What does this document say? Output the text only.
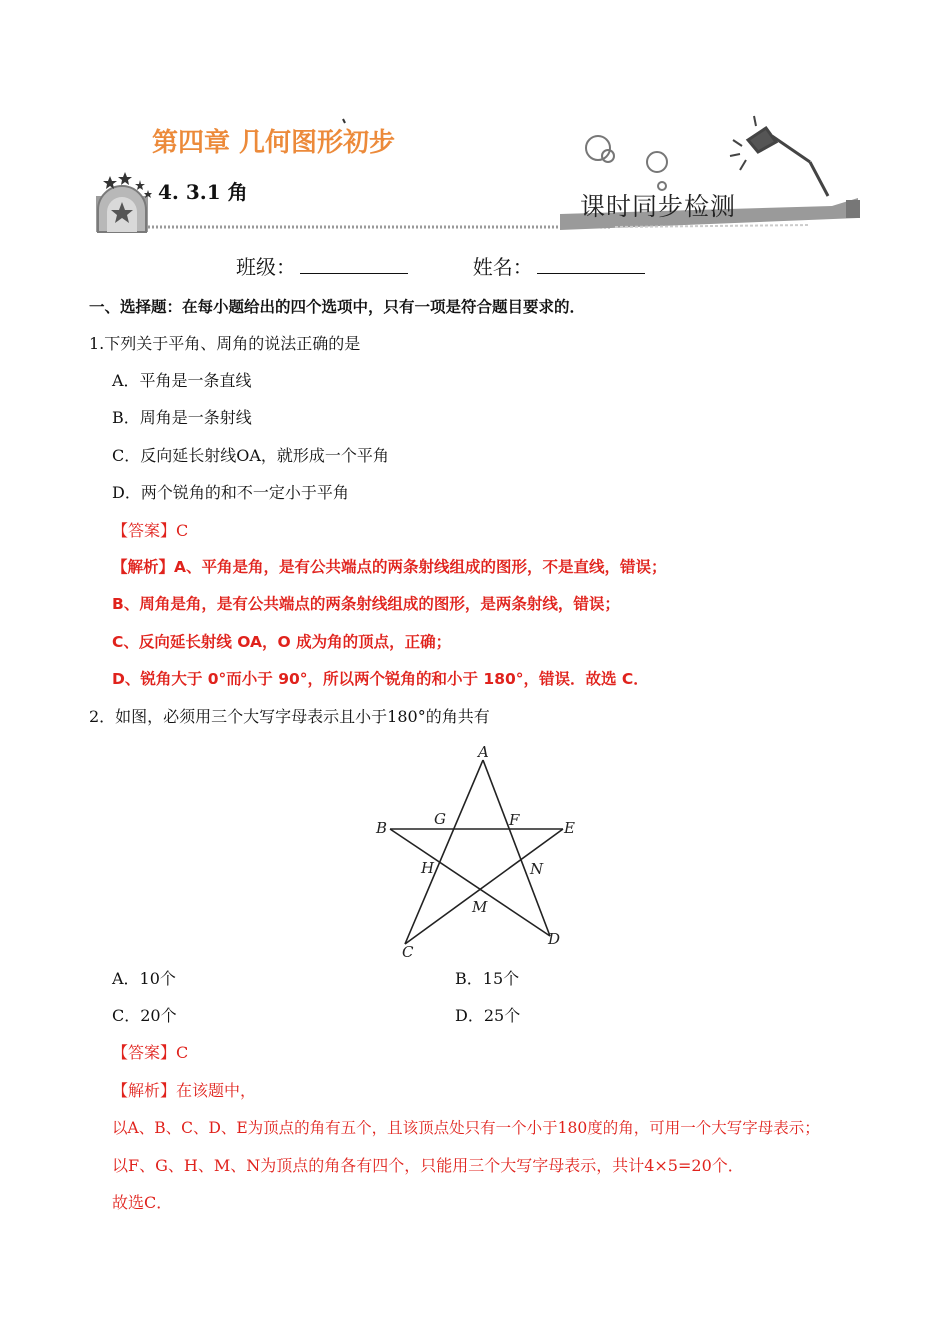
第四章 几何图形初步
4. 3.1 角	课时同步检测
班级：	姓名：
一、选择题：在每小题给出的四个选项中，只有一项是符合题目要求的．
1.下列关于平角、周角的说法正确的是
A．平角是一条直线
B．周角是一条射线
C．反向延长射线OA，就形成一个平角
D．两个锐角的和不一定小于平角
【答案】C
【解析】A、平角是角，是有公共端点的两条射线组成的图形，不是直线，错误；
B、周角是角，是有公共端点的两条射线组成的图形，是两条射线，错误；
C、反向延长射线 OA，O 成为角的顶点，正确；
D、锐角大于 0°而小于 90°，所以两个锐角的和小于 180°，错误．故选 C．
2．如图，必须用三个大写字母表示且小于180°的角共有
A
B
C
D
E
F
G
H
M
N
A．10个	B．15个
C．20个	D．25个
【答案】C
【解析】在该题中，
以A、B、C、D、E为顶点的角有五个，且该顶点处只有一个小于180度的角，可用一个大写字母表示；
以F、G、H、M、N为顶点的角各有四个，只能用三个大写字母表示，共计4×5=20个．
故选C．
